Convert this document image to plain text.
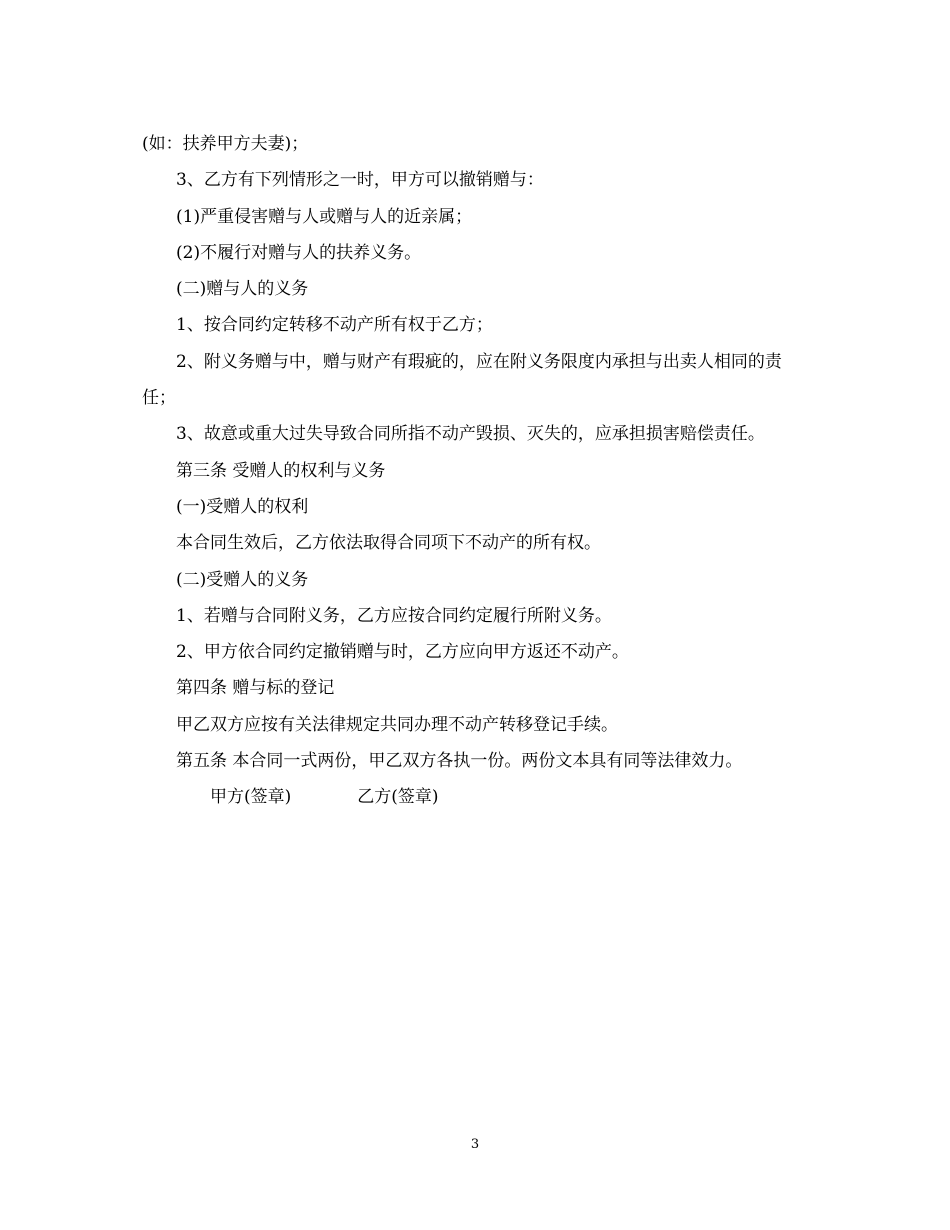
(如：扶养甲方夫妻)；

3、乙方有下列情形之一时，甲方可以撤销赠与：

(1)严重侵害赠与人或赠与人的近亲属；

(2)不履行对赠与人的扶养义务。

(二)赠与人的义务

1、按合同约定转移不动产所有权于乙方；

2、附义务赠与中，赠与财产有瑕疵的，应在附义务限度内承担与出卖人相同的责任；

3、故意或重大过失导致合同所指不动产毁损、灭失的，应承担损害赔偿责任。

第三条 受赠人的权利与义务

(一)受赠人的权利

本合同生效后，乙方依法取得合同项下不动产的所有权。

(二)受赠人的义务

1、若赠与合同附义务，乙方应按合同约定履行所附义务。

2、甲方依合同约定撤销赠与时，乙方应向甲方返还不动产。

第四条 赠与标的登记

甲乙双方应按有关法律规定共同办理不动产转移登记手续。

第五条 本合同一式两份，甲乙双方各执一份。两份文本具有同等法律效力。

甲方(签章)	乙方(签章)

3
